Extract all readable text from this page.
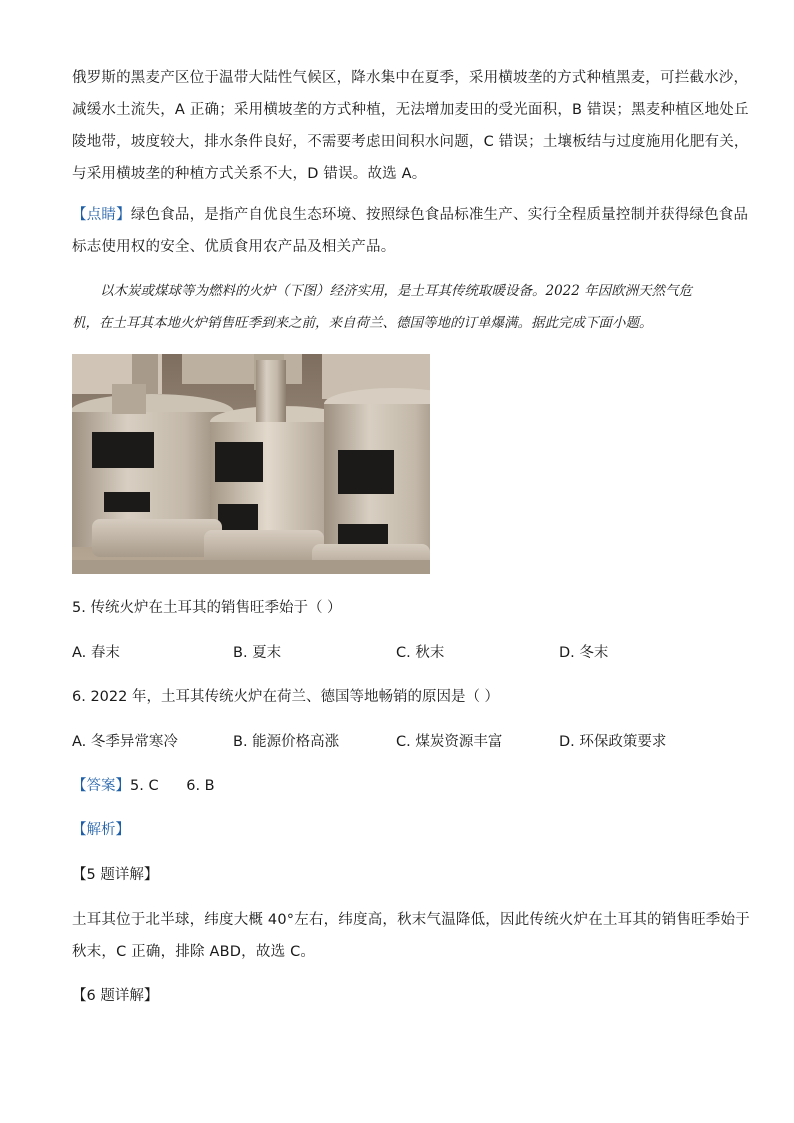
俄罗斯的黑麦产区位于温带大陆性气候区，降水集中在夏季，采用横坡垄的方式种植黑麦，可拦截水沙，
减缓水土流失，A 正确；采用横坡垄的方式种植，无法增加麦田的受光面积，B 错误；黑麦种植区地处丘
陵地带，坡度较大，排水条件良好，不需要考虑田间积水问题，C 错误；土壤板结与过度施用化肥有关，
与采用横坡垄的种植方式关系不大，D 错误。故选 A。
【点睛】绿色食品，是指产自优良生态环境、按照绿色食品标准生产、实行全程质量控制并获得绿色食品
标志使用权的安全、优质食用农产品及相关产品。
以木炭或煤球等为燃料的火炉（下图）经济实用，是土耳其传统取暖设备。2022 年因欧洲天然气危
机，在土耳其本地火炉销售旺季到来之前，来自荷兰、德国等地的订单爆满。据此完成下面小题。
5. 传统火炉在土耳其的销售旺季始于（ ）
A. 春末	B. 夏末	C. 秋末	D. 冬末
6. 2022 年，土耳其传统火炉在荷兰、德国等地畅销的原因是（ ）
A. 冬季异常寒冷	B. 能源价格高涨	C. 煤炭资源丰富	D. 环保政策要求
【答案】5. C      6. B
【解析】
【5 题详解】
土耳其位于北半球，纬度大概 40°左右，纬度高，秋末气温降低，因此传统火炉在土耳其的销售旺季始于
秋末，C 正确，排除 ABD，故选 C。
【6 题详解】
